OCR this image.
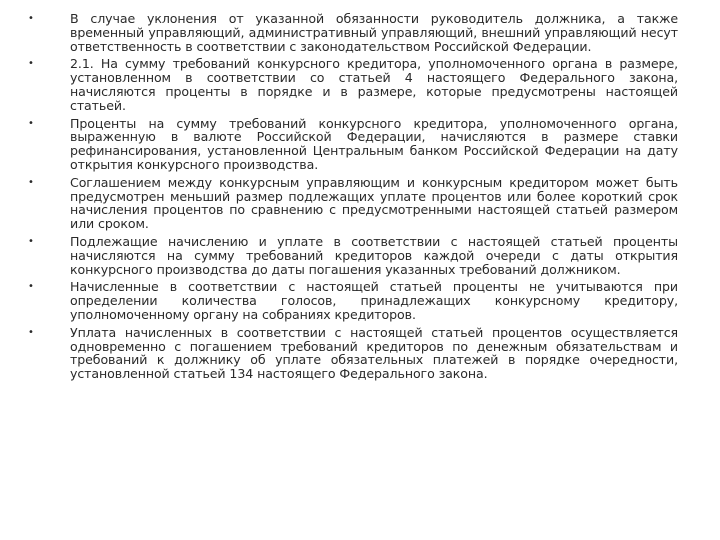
•	В случае уклонения от указанной обязанности руководитель должника, а также временный управляющий, административный управляющий, внешний управляющий несут ответственность в соответствии с законодательством Российской Федерации.
•	2.1. На сумму требований конкурсного кредитора, уполномоченного органа в размере, установленном в соответствии со статьей 4 настоящего Федерального закона, начисляются проценты в порядке и в размере, которые предусмотрены настоящей статьей.
•	Проценты на сумму требований конкурсного кредитора, уполномоченного органа, выраженную в валюте Российской Федерации, начисляются в размере ставки рефинансирования, установленной Центральным банком Российской Федерации на дату открытия конкурсного производства.
•	Соглашением между конкурсным управляющим и конкурсным кредитором может быть предусмотрен меньший размер подлежащих уплате процентов или более короткий срок начисления процентов по сравнению с предусмотренными настоящей статьей размером или сроком.
•	Подлежащие начислению и уплате в соответствии с настоящей статьей проценты начисляются на сумму требований кредиторов каждой очереди с даты открытия конкурсного производства до даты погашения указанных требований должником.
•	Начисленные в соответствии с настоящей статьей проценты не учитываются при определении количества голосов, принадлежащих конкурсному кредитору, уполномоченному органу на собраниях кредиторов.
•	Уплата начисленных в соответствии с настоящей статьей процентов осуществляется одновременно с погашением требований кредиторов по денежным обязательствам и требований к должнику об уплате обязательных платежей в порядке очередности, установленной статьей 134 настоящего Федерального закона.
